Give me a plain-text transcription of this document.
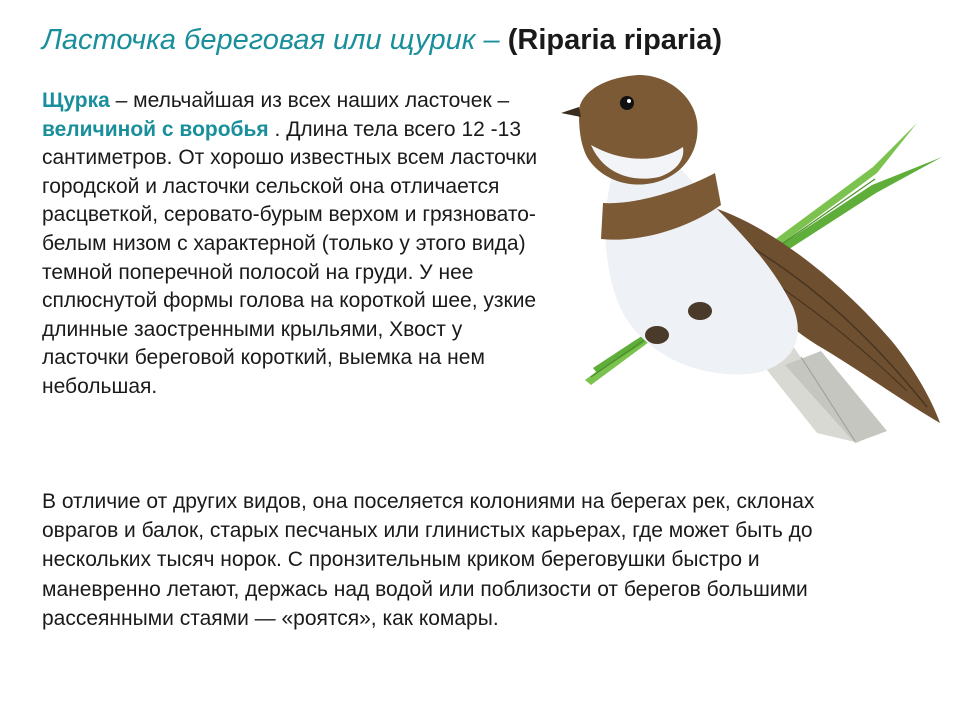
Ласточка береговая или щурик – (Riparia riparia)

Щурка – мельчайшая из всех наших ласточек – величиной с воробья . Длина тела всего 12 -13 сантиметров. От хорошо известных всем ласточки городской и ласточки сельской она отличается расцветкой, серовато-бурым верхом и грязновато-белым низом с характерной (только у этого вида) темной поперечной полосой на груди. У нее сплюснутой формы голова на короткой шее, узкие длинные заостренными крыльями, Хвост у ласточки береговой короткий, выемка на нем небольшая.

В отличие от других видов, она поселяется колониями на берегах рек, склонах оврагов и балок, старых песчаных или глинистых карьерах, где может быть до нескольких тысяч норок. С пронзительным криком береговушки быстро и маневренно летают, держась над водой или поблизости от берегов большими рассеянными стаями — «роятся», как комары.
